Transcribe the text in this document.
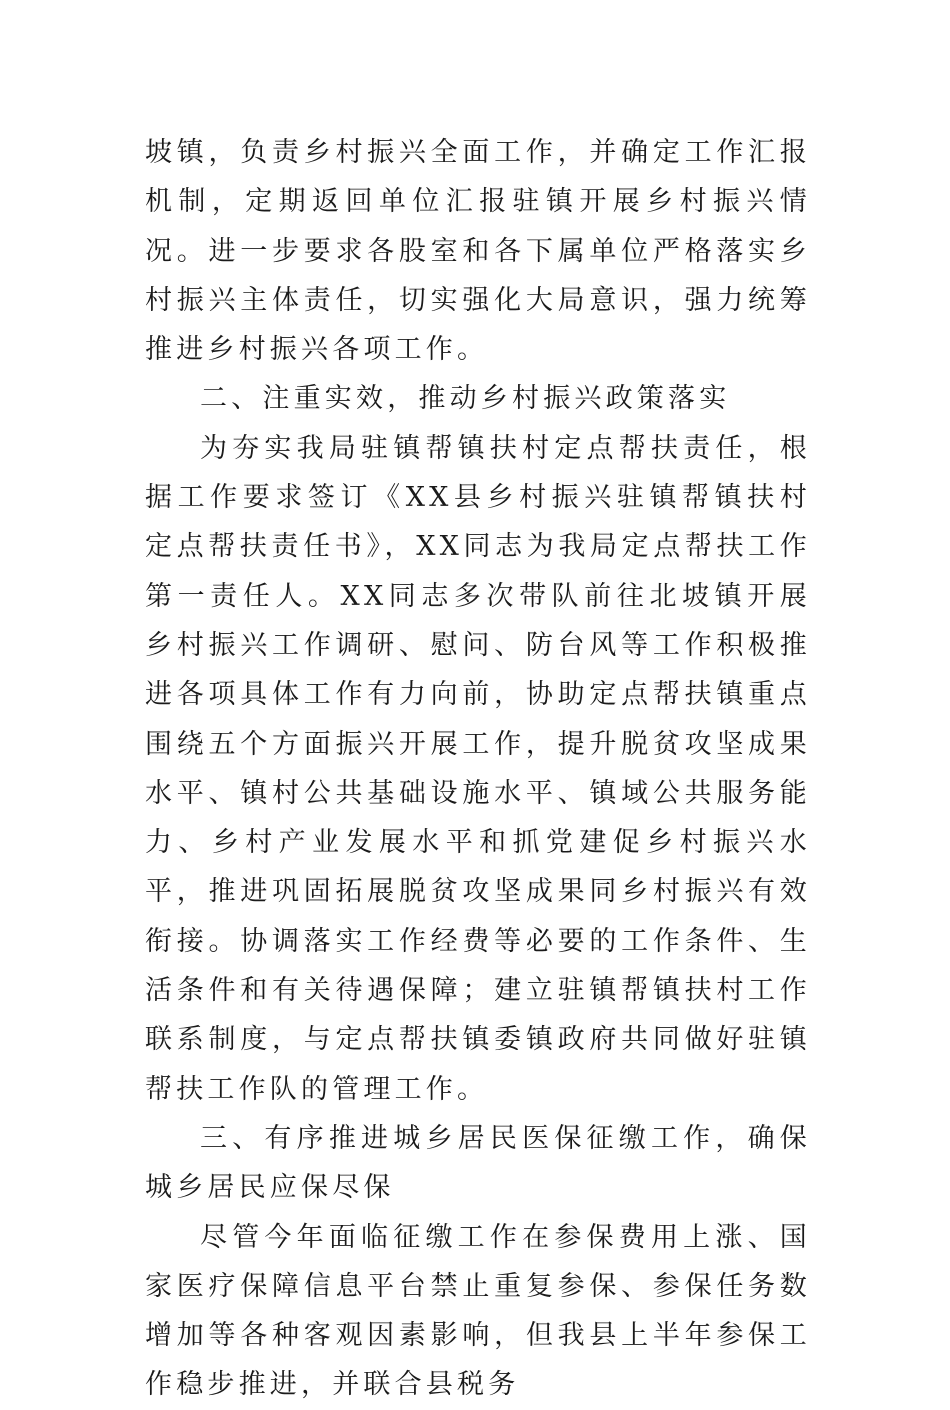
坡镇，负责乡村振兴全面工作，并确定工作汇报机制，定期返回单位汇报驻镇开展乡村振兴情况。进一步要求各股室和各下属单位严格落实乡村振兴主体责任，切实强化大局意识，强力统筹推进乡村振兴各项工作。

二、注重实效，推动乡村振兴政策落实

为夯实我局驻镇帮镇扶村定点帮扶责任，根据工作要求签订《XX县乡村振兴驻镇帮镇扶村定点帮扶责任书》，XX同志为我局定点帮扶工作第一责任人。XX同志多次带队前往北坡镇开展乡村振兴工作调研、慰问、防台风等工作积极推进各项具体工作有力向前，协助定点帮扶镇重点围绕五个方面振兴开展工作，提升脱贫攻坚成果水平、镇村公共基础设施水平、镇域公共服务能力、乡村产业发展水平和抓党建促乡村振兴水平，推进巩固拓展脱贫攻坚成果同乡村振兴有效衔接。协调落实工作经费等必要的工作条件、生活条件和有关待遇保障；建立驻镇帮镇扶村工作联系制度，与定点帮扶镇委镇政府共同做好驻镇帮扶工作队的管理工作。

三、有序推进城乡居民医保征缴工作，确保城乡居民应保尽保

尽管今年面临征缴工作在参保费用上涨、国家医疗保障信息平台禁止重复参保、参保任务数增加等各种客观因素影响，但我县上半年参保工作稳步推进，并联合县税务
